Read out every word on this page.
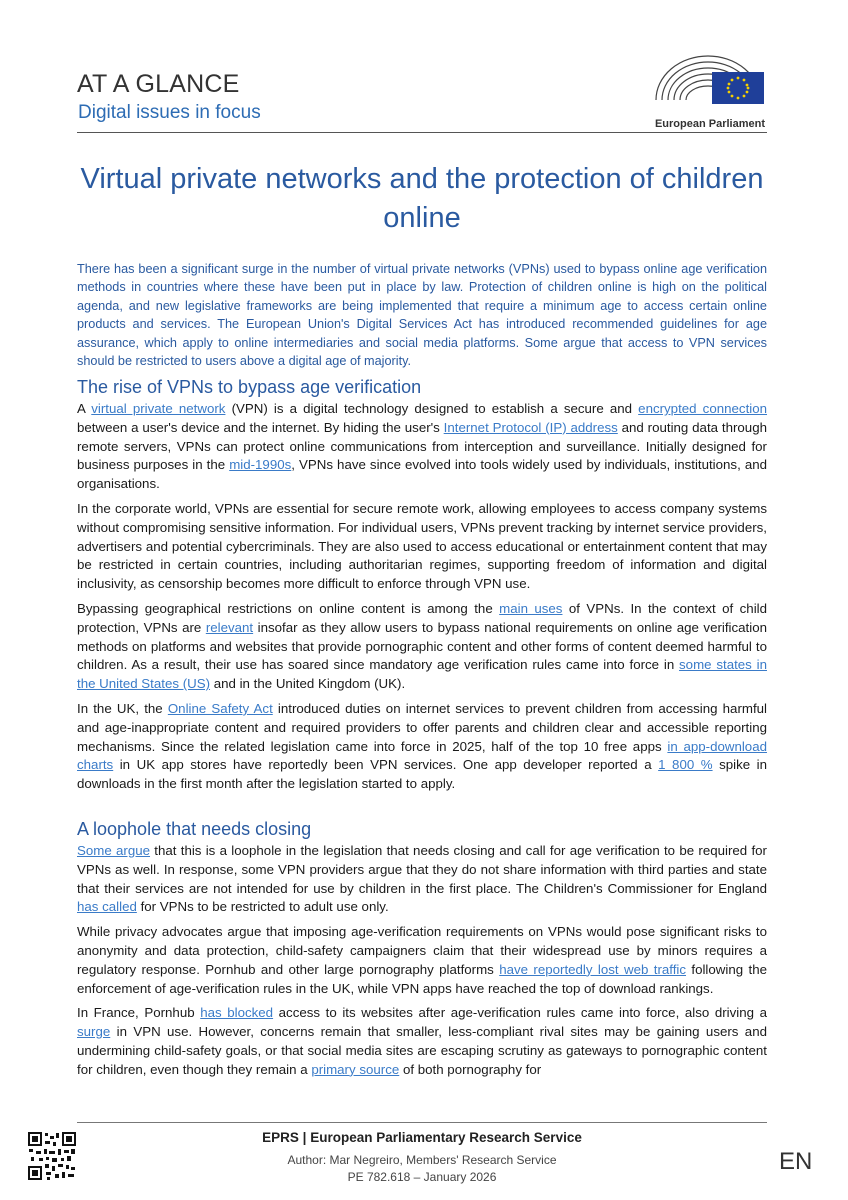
AT A GLANCE
Digital issues in focus
European Parliament
Virtual private networks and the protection of children online

There has been a significant surge in the number of virtual private networks (VPNs) used to bypass online age verification methods in countries where these have been put in place by law. Protection of children online is high on the political agenda, and new legislative frameworks are being implemented that require a minimum age to access certain online products and services. The European Union's Digital Services Act has introduced recommended guidelines for age assurance, which apply to online intermediaries and social media platforms. Some argue that access to VPN services should be restricted to users above a digital age of majority.

The rise of VPNs to bypass age verification

A virtual private network (VPN) is a digital technology designed to establish a secure and encrypted connection between a user's device and the internet. By hiding the user's Internet Protocol (IP) address and routing data through remote servers, VPNs can protect online communications from interception and surveillance. Initially designed for business purposes in the mid-1990s, VPNs have since evolved into tools widely used by individuals, institutions, and organisations.

In the corporate world, VPNs are essential for secure remote work, allowing employees to access company systems without compromising sensitive information. For individual users, VPNs prevent tracking by internet service providers, advertisers and potential cybercriminals. They are also used to access educational or entertainment content that may be restricted in certain countries, including authoritarian regimes, supporting freedom of information and digital inclusivity, as censorship becomes more difficult to enforce through VPN use.

Bypassing geographical restrictions on online content is among the main uses of VPNs. In the context of child protection, VPNs are relevant insofar as they allow users to bypass national requirements on online age verification methods on platforms and websites that provide pornographic content and other forms of content deemed harmful to children. As a result, their use has soared since mandatory age verification rules came into force in some states in the United States (US) and in the United Kingdom (UK).

In the UK, the Online Safety Act introduced duties on internet services to prevent children from accessing harmful and age-inappropriate content and required providers to offer parents and children clear and accessible reporting mechanisms. Since the related legislation came into force in 2025, half of the top 10 free apps in app-download charts in UK app stores have reportedly been VPN services. One app developer reported a 1 800 % spike in downloads in the first month after the legislation started to apply.

A loophole that needs closing

Some argue that this is a loophole in the legislation that needs closing and call for age verification to be required for VPNs as well. In response, some VPN providers argue that they do not share information with third parties and state that their services are not intended for use by children in the first place. The Children's Commissioner for England has called for VPNs to be restricted to adult use only.

While privacy advocates argue that imposing age-verification requirements on VPNs would pose significant risks to anonymity and data protection, child-safety campaigners claim that their widespread use by minors requires a regulatory response. Pornhub and other large pornography platforms have reportedly lost web traffic following the enforcement of age-verification rules in the UK, while VPN apps have reached the top of download rankings.

In France, Pornhub has blocked access to its websites after age-verification rules came into force, also driving a surge in VPN use. However, concerns remain that smaller, less-compliant rival sites may be gaining users and undermining child-safety goals, or that social media sites are escaping scrutiny as gateways to pornographic content for children, even though they remain a primary source of both pornography for

EPRS | European Parliamentary Research Service
Author: Mar Negreiro, Members' Research Service
PE 782.618 – January 2026
EN
